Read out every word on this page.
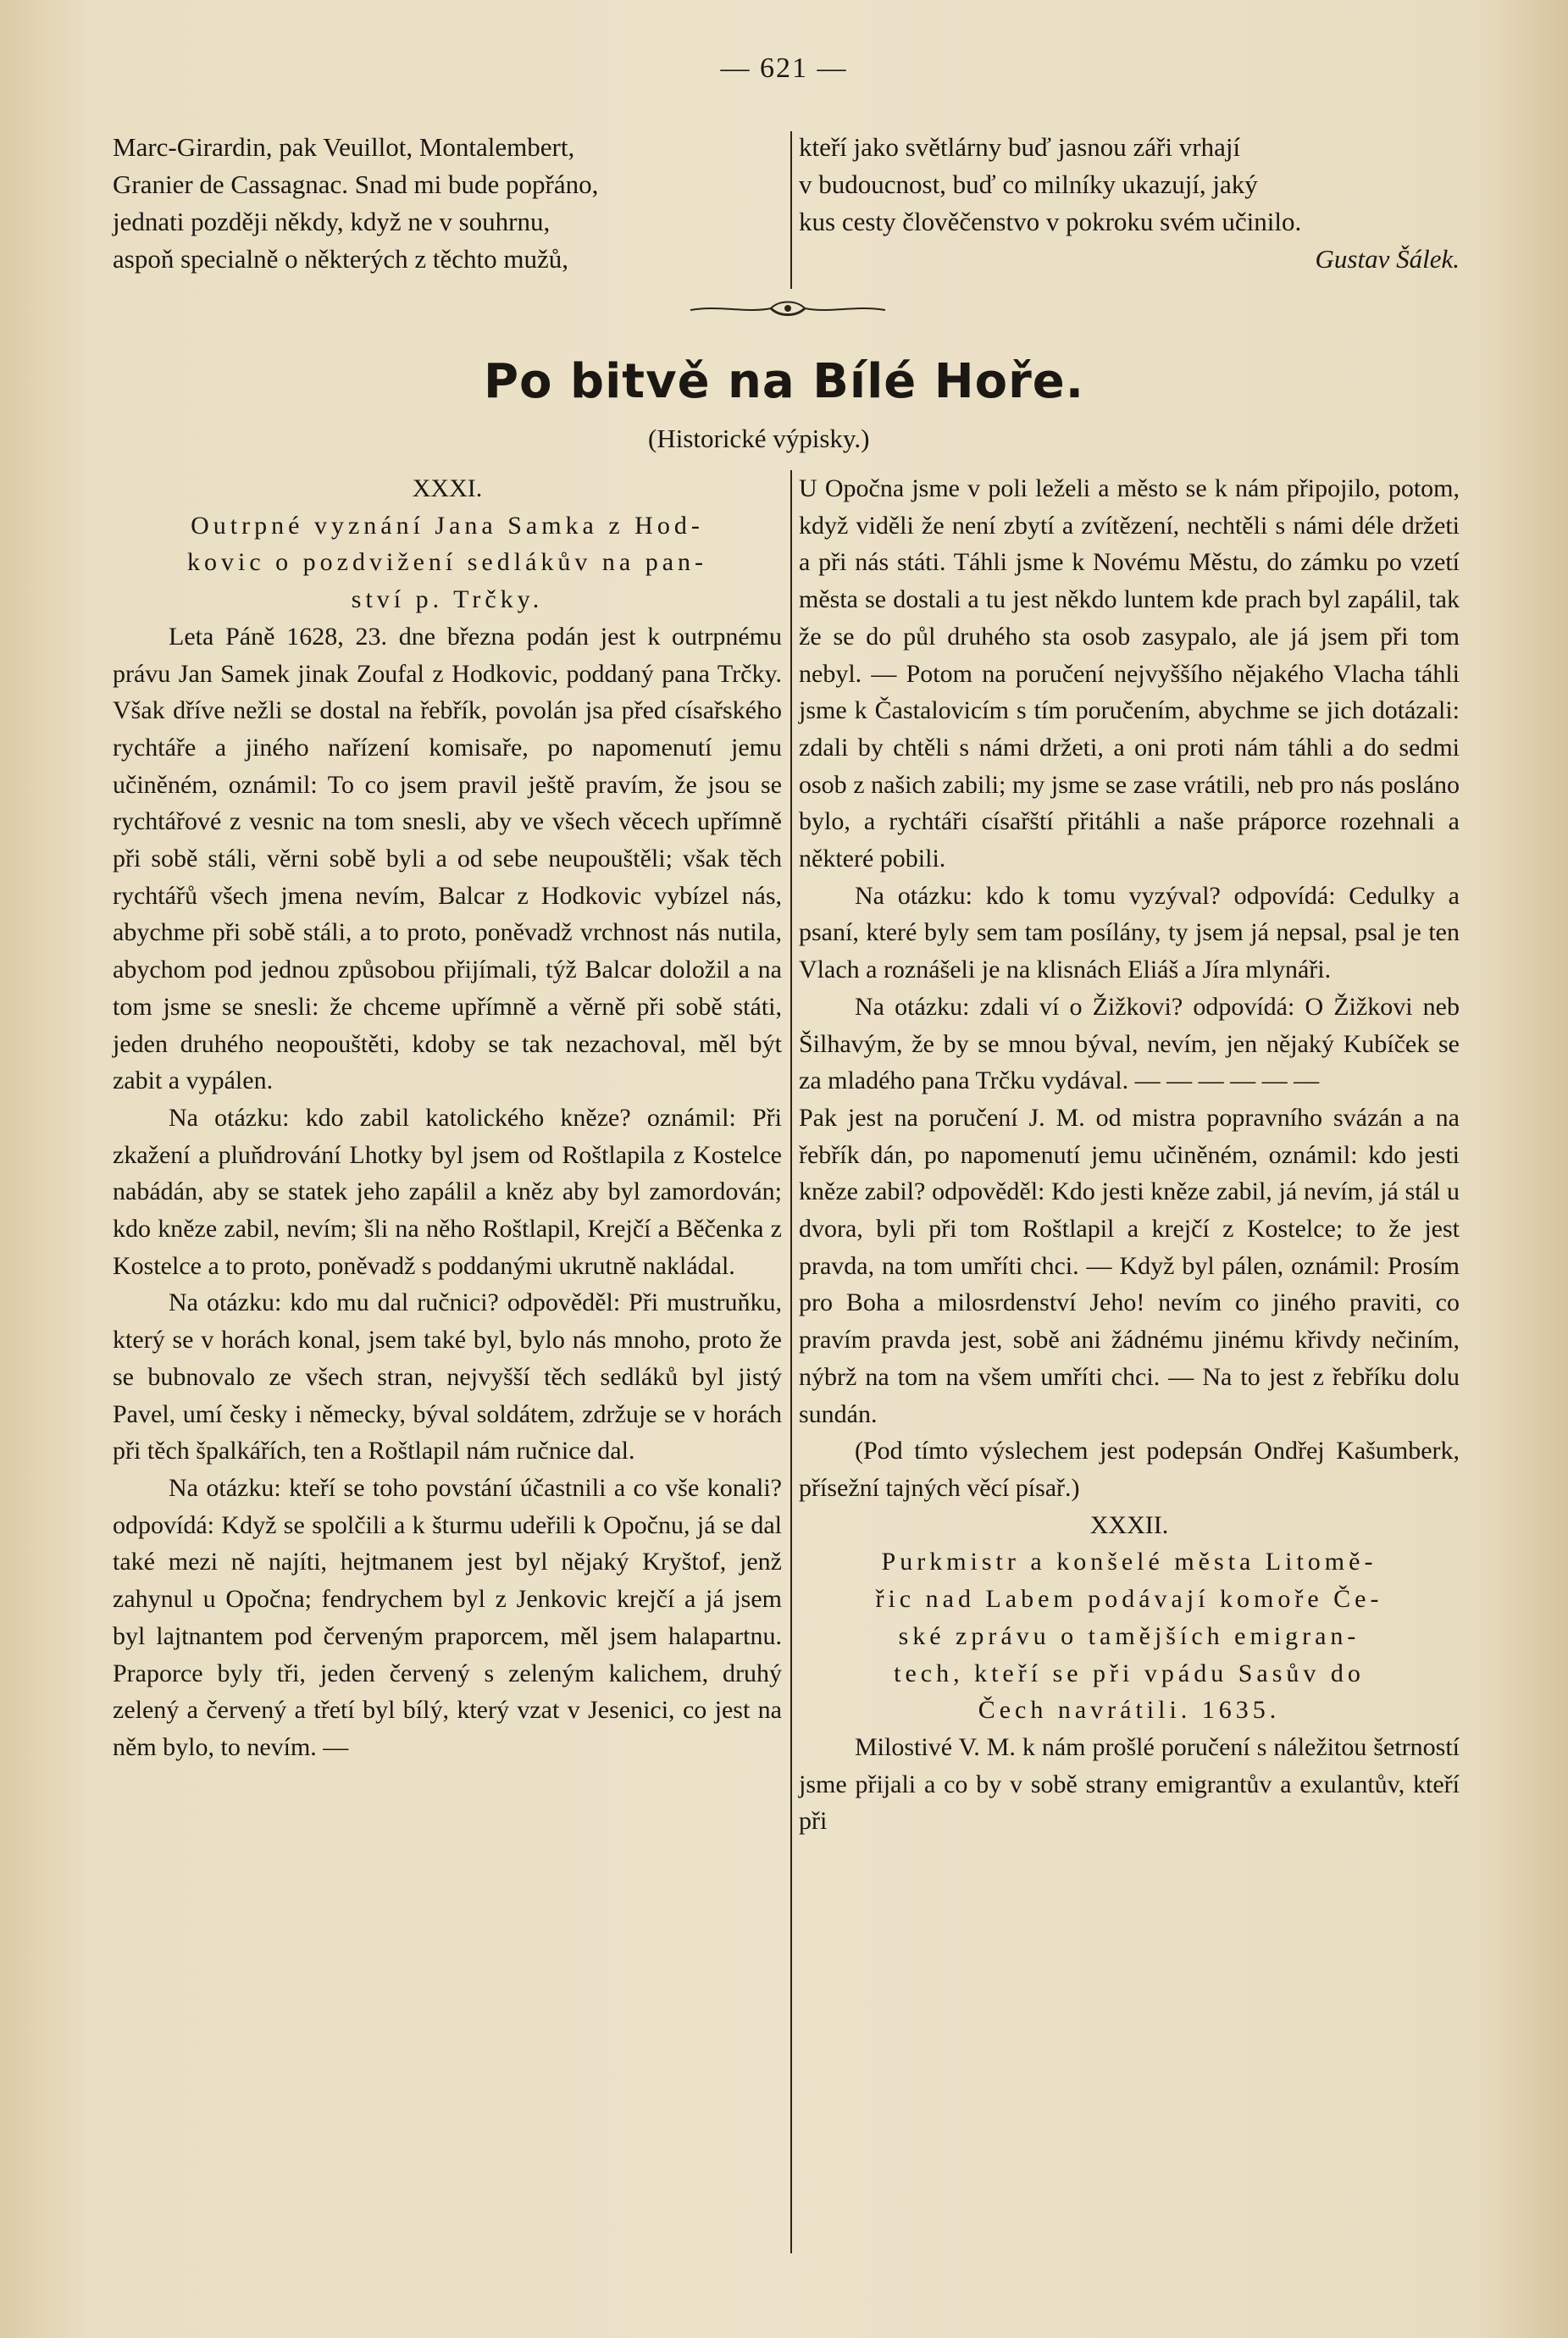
— 621 —

Marc-Girardin, pak Veuillot, Montalembert,

Granier de Cassagnac. Snad mi bude popřáno,

jednati později někdy, když ne v souhrnu,

aspoň specialně o některých z těchto mužů,

kteří jako světlárny buď jasnou záři vrhají

v budoucnost, buď co milníky ukazují, jaký

kus cesty člověčenstvo v pokroku svém učinilo.

Gustav Šálek.

Po bitvě na Bílé Hoře.
(Historické výpisky.)

XXXI.

Outrpné vyznání Jana Samka z Hod-

kovic o pozdvižení sedlákův na pan-

ství p. Trčky.

Leta Páně 1628, 23. dne března podán jest k outrpnému právu Jan Samek jinak Zoufal z Hodkovic, poddaný pana Trčky. Však dříve nežli se dostal na řebřík, povolán jsa před císařského rychtáře a jiného nařízení komisaře, po napomenutí jemu učiněném, oznámil: To co jsem pravil ještě pravím, že jsou se rychtářové z vesnic na tom snesli, aby ve všech věcech upřímně při sobě stáli, věrni sobě byli a od sebe neupouštěli; však těch rychtářů všech jmena nevím, Balcar z Hodkovic vybízel nás, abychme při sobě stáli, a to proto, poněvadž vrchnost nás nutila, abychom pod jednou způsobou přijímali, týž Balcar doložil a na tom jsme se snesli: že chceme upřímně a věrně při sobě státi, jeden druhého neopouštěti, kdoby se tak nezachoval, měl být zabit a vypálen.

Na otázku: kdo zabil katolického kněze? oznámil: Při zkažení a pluňdrování Lhotky byl jsem od Roštlapila z Kostelce nabádán, aby se statek jeho zapálil a kněz aby byl zamordován; kdo kněze zabil, nevím; šli na něho Roštlapil, Krejčí a Běčenka z Kostelce a to proto, poněvadž s poddanými ukrutně nakládal.

Na otázku: kdo mu dal ručnici? odpověděl: Při mustruňku, který se v horách konal, jsem také byl, bylo nás mnoho, proto že se bubnovalo ze všech stran, nejvyšší těch sedláků byl jistý Pavel, umí česky i německy, býval soldátem, zdržuje se v horách při těch špalkářích, ten a Roštlapil nám ručnice dal.

Na otázku: kteří se toho povstání účastnili a co vše konali? odpovídá: Když se spolčili a k šturmu udeřili k Opočnu, já se dal také mezi ně najíti, hejtmanem jest byl nějaký Kryštof, jenž zahynul u Opočna; fendrychem byl z Jenkovic krejčí a já jsem byl lajtnantem pod červeným praporcem, měl jsem halapartnu. Praporce byly tři, jeden červený s zeleným kalichem, druhý zelený a červený a třetí byl bílý, který vzat v Jesenici, co jest na něm bylo, to nevím. —

U Opočna jsme v poli leželi a město se k nám připojilo, potom, když viděli že není zbytí a zvítězení, nechtěli s námi déle držeti a při nás státi. Táhli jsme k Novému Městu, do zámku po vzetí města se dostali a tu jest někdo luntem kde prach byl zapálil, tak že se do půl druhého sta osob zasypalo, ale já jsem při tom nebyl. — Potom na poručení nejvyššího nějakého Vlacha táhli jsme k Častalovicím s tím poručením, abychme se jich dotázali: zdali by chtěli s námi držeti, a oni proti nám táhli a do sedmi osob z našich zabili; my jsme se zase vrátili, neb pro nás posláno bylo, a rychtáři císařští přitáhli a naše práporce rozehnali a některé pobili.

Na otázku: kdo k tomu vyzýval? odpovídá: Cedulky a psaní, které byly sem tam posílány, ty jsem já nepsal, psal je ten Vlach a roznášeli je na klisnách Eliáš a Jíra mlynáři.

Na otázku: zdali ví o Žižkovi? odpovídá: O Žižkovi neb Šilhavým, že by se mnou býval, nevím, jen nějaký Kubíček se za mladého pana Trčku vydával. — — — — — —

Pak jest na poručení J. M. od mistra popravního svázán a na řebřík dán, po napomenutí jemu učiněném, oznámil: kdo jesti kněze zabil? odpověděl: Kdo jesti kněze zabil, já nevím, já stál u dvora, byli při tom Roštlapil a krejčí z Kostelce; to že jest pravda, na tom umříti chci. — Když byl pálen, oznámil: Prosím pro Boha a milosrdenství Jeho! nevím co jiného praviti, co pravím pravda jest, sobě ani žádnému jinému křivdy nečiním, nýbrž na tom na všem umříti chci. — Na to jest z řebříku dolu sundán.

(Pod tímto výslechem jest podepsán Ondřej Kašumberk, přísežní tajných věcí písař.)

XXXII.

Purkmistr a konšelé města Litomě-

řic nad Labem podávají komoře Če-

ské zprávu o tamějších emigran-

tech, kteří se při vpádu Sasův do

Čech navrátili. 1635.

Milostivé V. M. k nám prošlé poručení s náležitou šetrností jsme přijali a co by v sobě strany emigrantův a exulantův, kteří při
